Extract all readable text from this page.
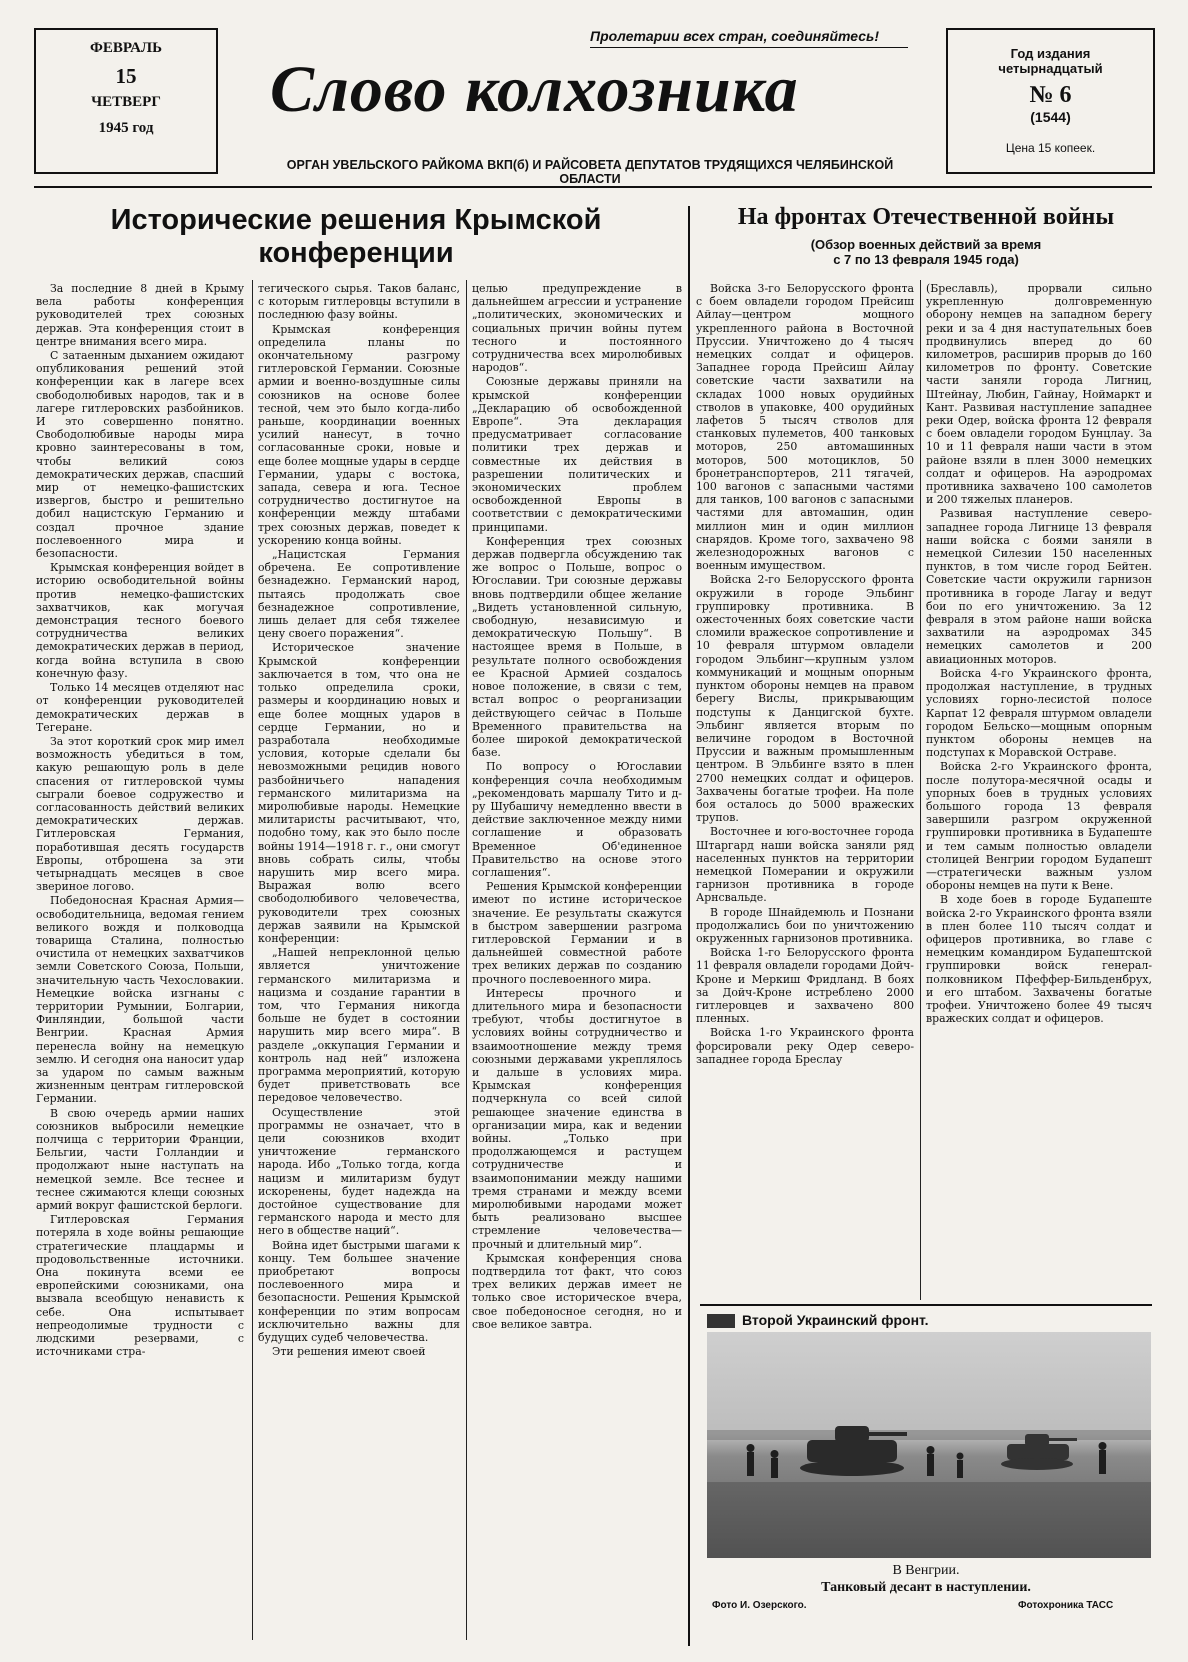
ФЕВРАЛЬ
15
ЧЕТВЕРГ
1945 год
Пролетарии всех стран, соединяйтесь!
Слово колхозника
ОРГАН УВЕЛЬСКОГО РАЙКОМА ВКП(б) И РАЙСОВЕТА ДЕПУТАТОВ ТРУДЯЩИХСЯ ЧЕЛЯБИНСКОЙ ОБЛАСТИ
Год издания
четырнадцатый
№ 6
(1544)
Цена 15 копеек.
Исторические решения Крымской
конференции
На фронтах Отечественной войны
(Обзор военных действий за время
с 7 по 13 февраля 1945 года)

За последние 8 дней в Крыму вела работы конференция руководителей трех союзных держав. Эта конференция стоит в центре внимания всего мира.

С затаенным дыханием ожидают опубликования решений этой конференции как в лагере всех свободолюбивых народов, так и в лагере гитлеровских разбойников. И это совершенно понятно. Свободолюбивые народы мира кровно заинтересованы в том, чтобы великий союз демократических держав, спасший мир от немецко-фашистских извергов, быстро и решительно добил нацистскую Германию и создал прочное здание послевоенного мира и безопасности.

Крымская конференция войдет в историю освободительной войны против немецко-фашистских захватчиков, как могучая демонстрация тесного боевого сотрудничества великих демократических держав в период, когда война вступила в свою конечную фазу.

Только 14 месяцев отделяют нас от конференции руководителей демократических держав в Тегеране.

За этот короткий срок мир имел возможность убедиться в том, какую решающую роль в деле спасения от гитлеровской чумы сыграли боевое содружество и согласованность действий великих демократических держав. Гитлеровская Германия, поработившая десять государств Европы, отброшена за эти четырнадцать месяцев в свое звериное логово.

Победоносная Красная Армия—освободительница, ведомая гением великого вождя и полководца товарища Сталина, полностью очистила от немецких захватчиков земли Советского Союза, Польши, значительную часть Чехословакии. Немецкие войска изгнаны с территории Румынии, Болгарии, Финляндии, большой части Венгрии. Красная Армия перенесла войну на немецкую землю. И сегодня она наносит удар за ударом по самым важным жизненным центрам гитлеровской Германии.

В свою очередь армии наших союзников выбросили немецкие полчища с территории Франции, Бельгии, части Голландии и продолжают ныне наступать на немецкой земле. Все теснее и теснее сжимаются клещи союзных армий вокруг фашистской берлоги.

Гитлеровская Германия потеряла в ходе войны решающие стратегические плацдармы и продовольственные источники. Она покинута всеми ее европейскими союзниками, она вызвала всеобщую ненависть к себе. Она испытывает непреодолимые трудности с людскими резервами, с источниками стра-

тегического сырья. Таков баланс, с которым гитлеровцы вступили в последнюю фазу войны.

Крымская конференция определила планы по окончательному разгрому гитлеровской Германии. Союзные армии и военно-воздушные силы союзников на основе более тесной, чем это было когда-либо раньше, координации военных усилий нанесут, в точно согласованные сроки, новые и еще более мощные удары в сердце Германии, удары с востока, запада, севера и юга. Тесное сотрудничество достигнутое на конференции между штабами трех союзных держав, поведет к ускорению конца войны.

„Нацистская Германия обречена. Ее сопротивление безнадежно. Германский народ, пытаясь продолжать свое безнадежное сопротивление, лишь делает для себя тяжелее цену своего поражения“.

Историческое значение Крымской конференции заключается в том, что она не только определила сроки, размеры и координацию новых и еще более мощных ударов в сердце Германии, но и разработала необходимые условия, которые сделали бы невозможными рецидив нового разбойничьего нападения германского милитаризма на миролюбивые народы. Немецкие милитаристы расчитывают, что, подобно тому, как это было после войны 1914—1918 г. г., они смогут вновь собрать силы, чтобы нарушить мир всего мира. Выражая волю всего свободолюбивого человечества, руководители трех союзных держав заявили на Крымской конференции:

„Нашей непреклонной целью является уничтожение германского милитаризма и нацизма и создание гарантии в том, что Германия никогда больше не будет в состоянии нарушить мир всего мира“. В разделе „оккупация Германии и контроль над ней“ изложена программа мероприятий, которую будет приветствовать все передовое человечество.

Осуществление этой программы не означает, что в цели союзников входит уничтожение германского народа. Ибо „Только тогда, когда нацизм и милитаризм будут искоренены, будет надежда на достойное существование для германского народа и место для него в обществе наций“.

Война идет быстрыми шагами к концу. Тем большее значение приобретают вопросы послевоенного мира и безопасности. Решения Крымской конференции по этим вопросам исключительно важны для будущих судеб человечества.

Эти решения имеют своей

целью предупреждение в дальнейшем агрессии и устранение „политических, экономических и социальных причин войны путем тесного и постоянного сотрудничества всех миролюбивых народов“.

Союзные державы приняли на крымской конференции „Декларацию об освобожденной Европе“. Эта декларация предусматривает согласование политики трех держав и совместные их действия в разрешении политических и экономических проблем освобожденной Европы в соответствии с демократическими принципами.

Конференция трех союзных держав подвергла обсуждению так же вопрос о Польше, вопрос о Югославии. Три союзные державы вновь подтвердили общее желание „Видеть установленной сильную, свободную, независимую и демократическую Польшу“. В настоящее время в Польше, в результате полного освобождения ее Красной Армией создалось новое положение, в связи с тем, встал вопрос о реорганизации действующего сейчас в Польше Временного правительства на более широкой демократической базе.

По вопросу о Югославии конференция сочла необходимым „рекомендовать маршалу Тито и д-ру Шубашичу немедленно ввести в действие заключенное между ними соглашение и образовать Временное Об'единенное Правительство на основе этого соглашения“.

Решения Крымской конференции имеют по истине историческое значение. Ее результаты скажутся в быстром завершении разгрома гитлеровской Германии и в дальнейшей совместной работе трех великих держав по созданию прочного послевоенного мира.

Интересы прочного и длительного мира и безопасности требуют, чтобы достигнутое в условиях войны сотрудничество и взаимоотношение между тремя союзными державами укреплялось и дальше в условиях мира. Крымская конференция подчеркнула со всей силой решающее значение единства в организации мира, как и ведении войны. „Только при продолжающемся и растущем сотрудничестве и взаимопонимании между нашими тремя странами и между всеми миролюбивыми народами может быть реализовано высшее стремление человечества—прочный и длительный мир“.

Крымская конференция снова подтвердила тот факт, что союз трех великих держав имеет не только свое историческое вчера, свое победоносное сегодня, но и свое великое завтра.

Войска 3-го Белорусского фронта с боем овладели городом Прейсиш Айлау—центром мощного укрепленного района в Восточной Пруссии. Уничтожено до 4 тысяч немецких солдат и офицеров. Западнее города Прейсиш Айлау советские части захватили на складах 1000 новых орудийных стволов в упаковке, 400 орудийных лафетов 5 тысяч стволов для станковых пулеметов, 400 танковых моторов, 250 автомашинных моторов, 500 мотоциклов, 50 бронетранспортеров, 211 тягачей, 100 вагонов с запасными частями для танков, 100 вагонов с запасными частями для автомашин, один миллион мин и один миллион снарядов. Кроме того, захвачено 98 железнодорожных вагонов с военным имуществом.

Войска 2-го Белорусского фронта окружили в городе Эльбинг группировку противника. В ожесточенных боях советские части сломили вражеское сопротивление и 10 февраля штурмом овладели городом Эльбинг—крупным узлом коммуникаций и мощным опорным пунктом обороны немцев на правом берегу Вислы, прикрывающим подступы к Данцигской бухте. Эльбинг является вторым по величине городом в Восточной Пруссии и важным промышленным центром. В Эльбинге взято в плен 2700 немецких солдат и офицеров. Захвачены богатые трофеи. На поле боя осталось до 5000 вражеских трупов.

Восточнее и юго-восточнее города Штаргард наши войска заняли ряд населенных пунктов на территории немецкой Померании и окружили гарнизон противника в городе Арнсвальде.

В городе Шнайдемюль и Познани продолжались бои по уничтожению окруженных гарнизонов противника.

Войска 1-го Белорусского фронта 11 февраля овладели городами Дойч-Кроне и Меркиш Фридланд. В боях за Дойч-Кроне истреблено 2000 гитлеровцев и захвачено 800 пленных.

Войска 1-го Украинского фронта форсировали реку Одер северо-западнее города Бреслау

(Бреславль), прорвали сильно укрепленную долговременную оборону немцев на западном берегу реки и за 4 дня наступательных боев продвинулись вперед до 60 километров, расширив прорыв до 160 километров по фронту. Советские части заняли города Лигниц, Штейнау, Любин, Гайнау, Ноймаркт и Кант. Развивая наступление западнее реки Одер, войска фронта 12 февраля с боем овладели городом Бунцлау. За 10 и 11 февраля наши части в этом районе взяли в плен 3000 немецких солдат и офицеров. На аэродромах противника захвачено 100 самолетов и 200 тяжелых планеров.

Развивая наступление северо-западнее города Лигнице 13 февраля наши войска с боями заняли в немецкой Силезии 150 населенных пунктов, в том числе город Бейтен. Советские части окружили гарнизон противника в городе Лагау и ведут бои по его уничтожению. За 12 февраля в этом районе наши войска захватили на аэродромах 345 немецких самолетов и 200 авиационных моторов.

Войска 4-го Украинского фронта, продолжая наступление, в трудных условиях горно-лесистой полосе Карпат 12 февраля штурмом овладели городом Бельско—мощным опорным пунктом обороны немцев на подступах к Моравской Остраве.

Войска 2-го Украинского фронта, после полутора-месячной осады и упорных боев в трудных условиях большого города 13 февраля завершили разгром окруженной группировки противника в Будапеште и тем самым полностью овладели столицей Венгрии городом Будапешт—стратегически важным узлом обороны немцев на пути к Вене.

В ходе боев в городе Будапеште войска 2-го Украинского фронта взяли в плен более 110 тысяч солдат и офицеров противника, во главе с немецким командиром Будапештской группировки войск генерал-полковником Пфеффер-Бильденбрух, и его штабом. Захвачены богатые трофеи. Уничтожено более 49 тысяч вражеских солдат и офицеров.

Второй Украинский фронт.
В Венгрии.
Танковый десант в наступлении.
Фото И. Озерского.	Фотохроника ТАСС
